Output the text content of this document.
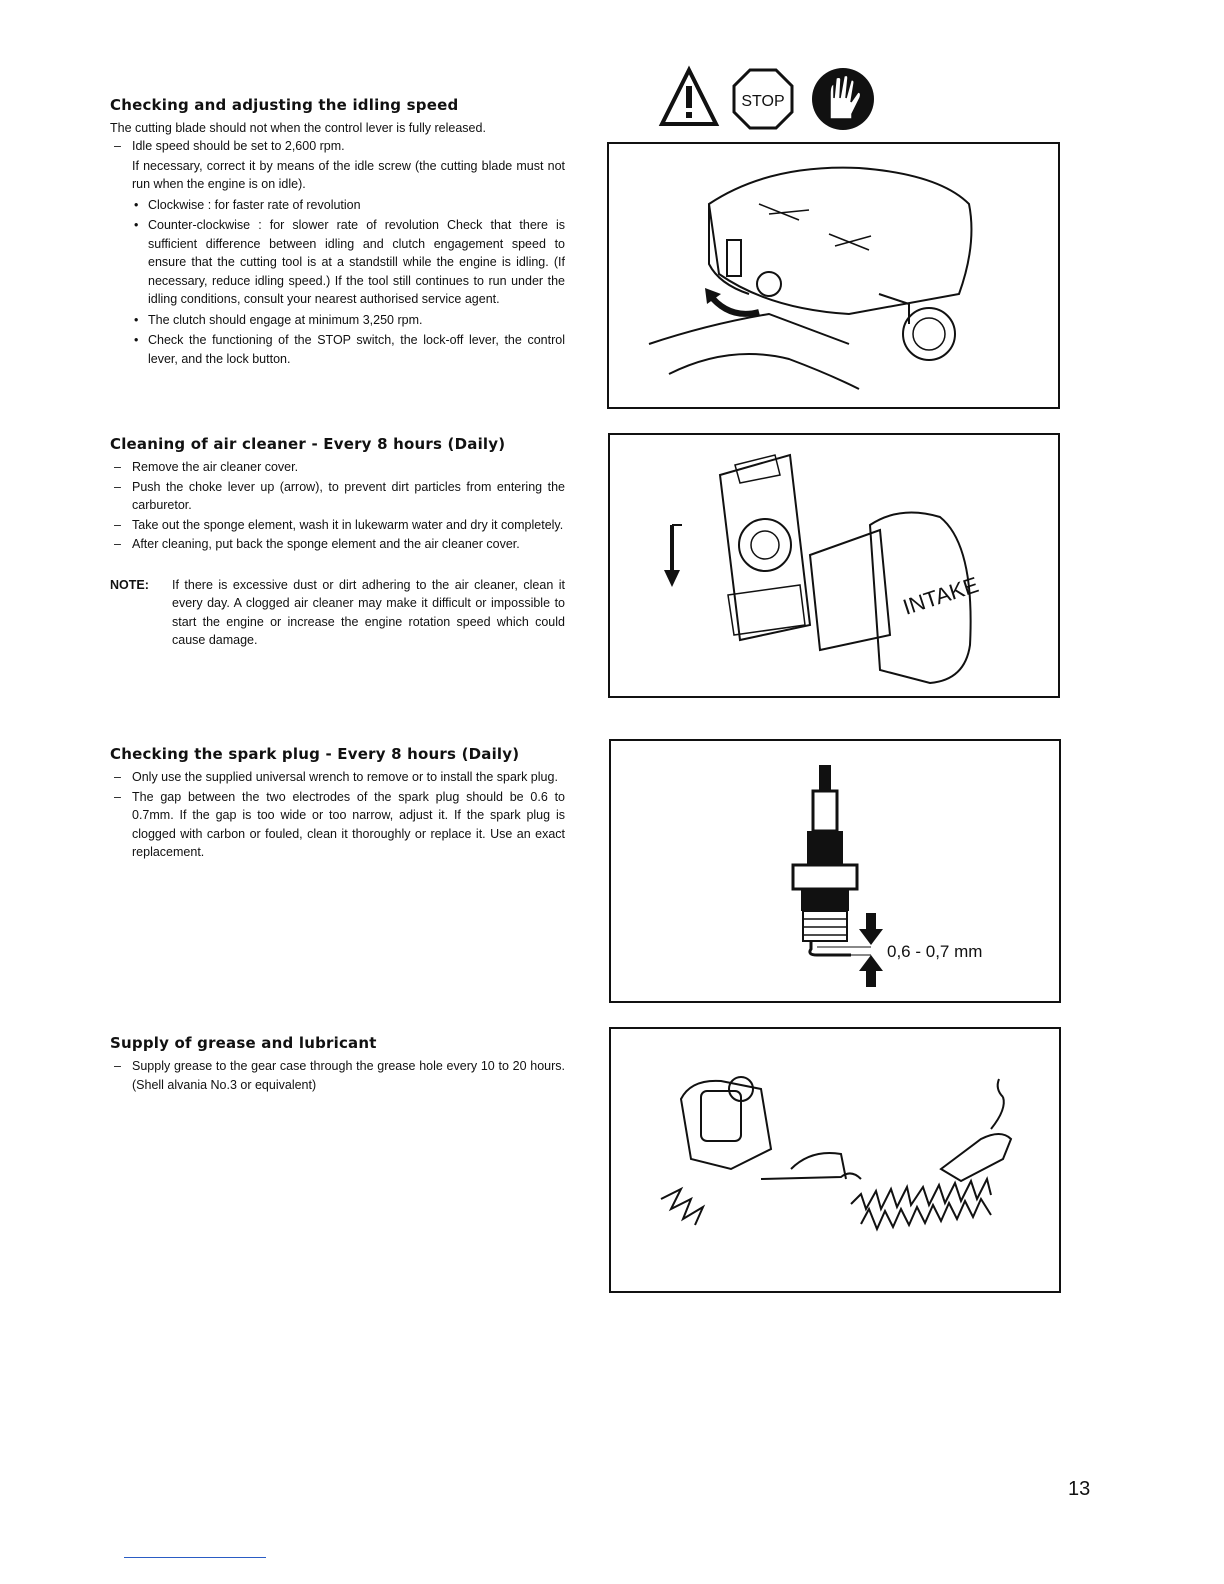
STOP
Checking and adjusting the idling speed

The cutting blade should not when the control lever is fully released.

– Idle speed should be set to 2,600 rpm.

If necessary, correct it by means of the idle screw (the cutting blade must not run when the engine is on idle).

• Clockwise : for faster rate of revolution

• Counter-clockwise : for slower rate of revolution Check that there is sufficient difference between idling and clutch engagement speed to ensure that the cutting tool is at a standstill while the engine is idling. (If necessary, reduce idling speed.) If the tool still continues to run under the idling conditions, consult your nearest authorised service agent.

• The clutch should engage at minimum 3,250 rpm.

• Check the functioning of the STOP switch, the lock-off lever, the control lever, and the lock button.

Cleaning of air cleaner - Every 8 hours (Daily)

– Remove the air cleaner cover.

– Push the choke lever up (arrow), to prevent dirt particles from entering the carburetor.

– Take out the sponge element, wash it in lukewarm water and dry it completely.

– After cleaning, put back the sponge element and the air cleaner cover.

NOTE:	If there is excessive dust or dirt adhering to the air cleaner, clean it every day. A clogged air cleaner may make it difficult or impossible to start the engine or increase the engine rotation speed which could cause damage.
INTAKE
Checking the spark plug - Every 8 hours (Daily)

– Only use the supplied universal wrench to remove or to install the spark plug.

– The gap between the two electrodes of the spark plug should be 0.6 to 0.7mm. If the gap is too wide or too narrow, adjust it. If the spark plug is clogged with carbon or fouled, clean it thoroughly or replace it. Use an exact replacement.

0,6 - 0,7 mm
Supply of grease and lubricant

– Supply grease to the gear case through the grease hole every 10 to 20 hours. (Shell alvania No.3 or equivalent)

13
